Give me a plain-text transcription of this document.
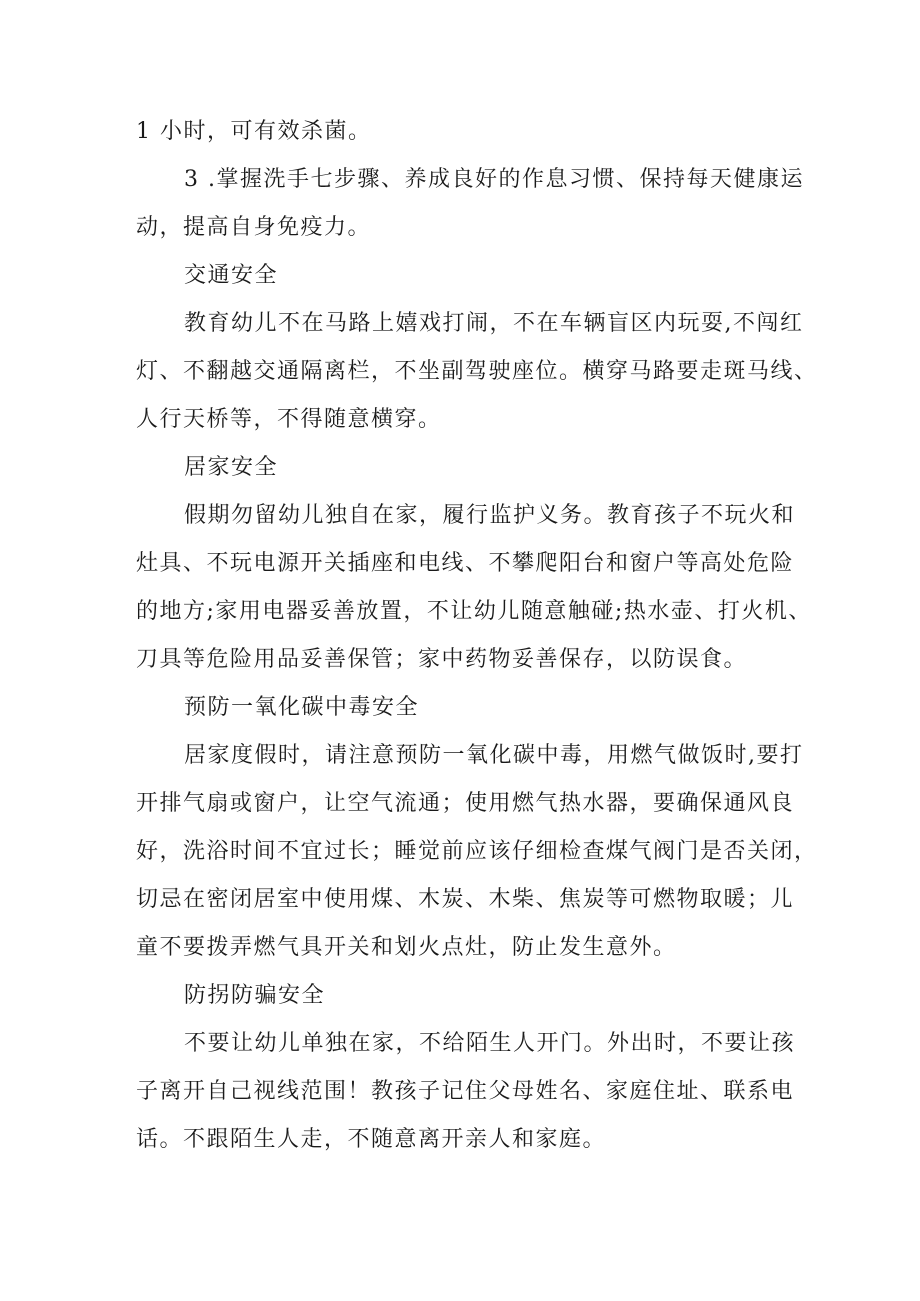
1 小时，可有效杀菌。
3 .掌握洗手七步骤、养成良好的作息习惯、保持每天健康运
动，提高自身免疫力。
交通安全
教育幼儿不在马路上嬉戏打闹，不在车辆盲区内玩耍,不闯红
灯、不翻越交通隔离栏，不坐副驾驶座位。横穿马路要走斑马线、
人行天桥等，不得随意横穿。
居家安全
假期勿留幼儿独自在家，履行监护义务。教育孩子不玩火和
灶具、不玩电源开关插座和电线、不攀爬阳台和窗户等高处危险
的地方;家用电器妥善放置，不让幼儿随意触碰;热水壶、打火机、
刀具等危险用品妥善保管；家中药物妥善保存，以防误食。
预防一氧化碳中毒安全
居家度假时，请注意预防一氧化碳中毒，用燃气做饭时,要打
开排气扇或窗户，让空气流通；使用燃气热水器，要确保通风良
好，洗浴时间不宜过长；睡觉前应该仔细检查煤气阀门是否关闭，
切忌在密闭居室中使用煤、木炭、木柴、焦炭等可燃物取暖；儿
童不要拨弄燃气具开关和划火点灶，防止发生意外。
防拐防骗安全
不要让幼儿单独在家，不给陌生人开门。外出时，不要让孩
子离开自己视线范围！教孩子记住父母姓名、家庭住址、联系电
话。不跟陌生人走，不随意离开亲人和家庭。
